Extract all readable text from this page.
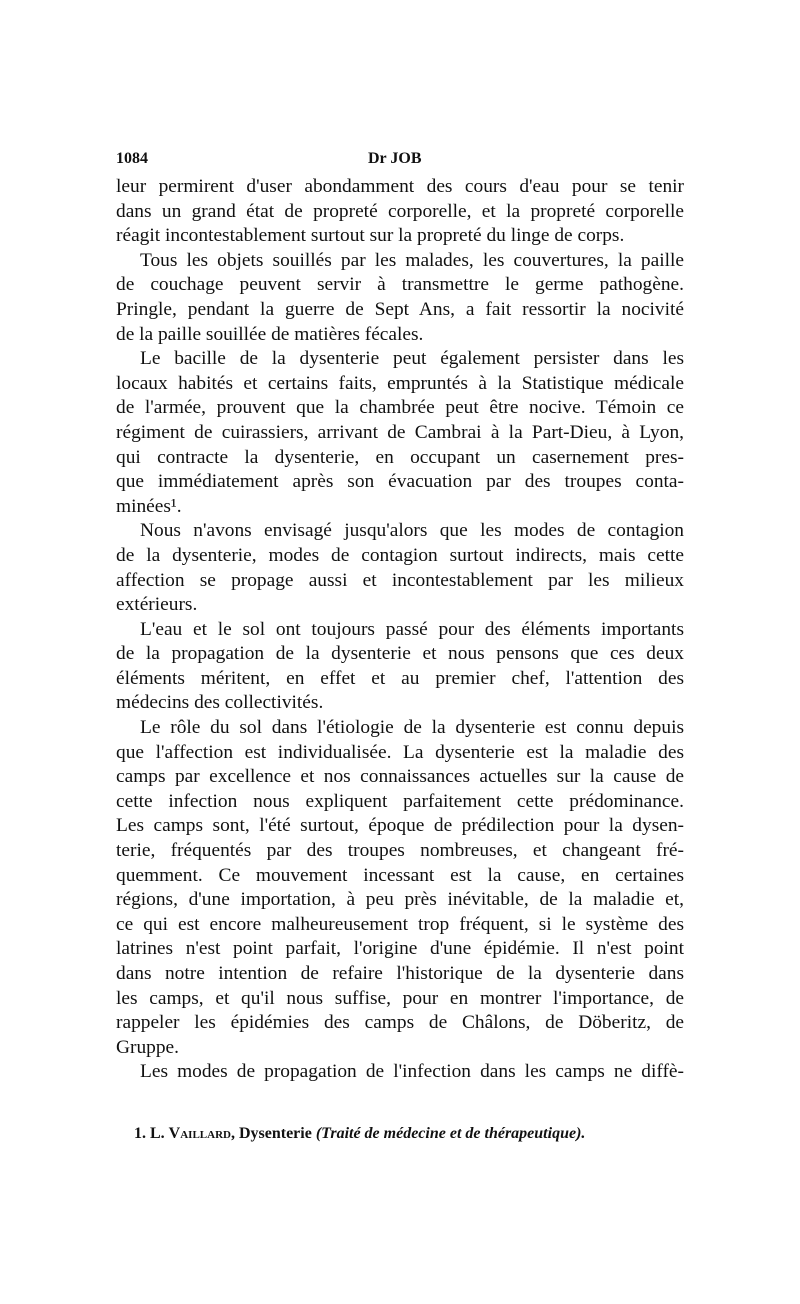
1084	Dr JOB
leur permirent d'user abondamment des cours d'eau pour se tenir
dans un grand état de propreté corporelle, et la propreté corporelle
réagit incontestablement surtout sur la propreté du linge de corps.
Tous les objets souillés par les malades, les couvertures, la paille
de couchage peuvent servir à transmettre le germe pathogène.
Pringle, pendant la guerre de Sept Ans, a fait ressortir la nocivité
de la paille souillée de matières fécales.
Le bacille de la dysenterie peut également persister dans les
locaux habités et certains faits, empruntés à la Statistique médicale
de l'armée, prouvent que la chambrée peut être nocive. Témoin ce
régiment de cuirassiers, arrivant de Cambrai à la Part-Dieu, à Lyon,
qui contracte la dysenterie, en occupant un casernement pres-
que immédiatement après son évacuation par des troupes conta-
minées¹.
Nous n'avons envisagé jusqu'alors que les modes de contagion
de la dysenterie, modes de contagion surtout indirects, mais cette
affection se propage aussi et incontestablement par les milieux
extérieurs.
L'eau et le sol ont toujours passé pour des éléments importants
de la propagation de la dysenterie et nous pensons que ces deux
éléments méritent, en effet et au premier chef, l'attention des
médecins des collectivités.
Le rôle du sol dans l'étiologie de la dysenterie est connu depuis
que l'affection est individualisée. La dysenterie est la maladie des
camps par excellence et nos connaissances actuelles sur la cause de
cette infection nous expliquent parfaitement cette prédominance.
Les camps sont, l'été surtout, époque de prédilection pour la dysen-
terie, fréquentés par des troupes nombreuses, et changeant fré-
quemment. Ce mouvement incessant est la cause, en certaines
régions, d'une importation, à peu près inévitable, de la maladie et,
ce qui est encore malheureusement trop fréquent, si le système des
latrines n'est point parfait, l'origine d'une épidémie. Il n'est point
dans notre intention de refaire l'historique de la dysenterie dans
les camps, et qu'il nous suffise, pour en montrer l'importance, de
rappeler les épidémies des camps de Châlons, de Döberitz, de
Gruppe.
Les modes de propagation de l'infection dans les camps ne diffè-
1. L. Vaillard, Dysenterie (Traité de médecine et de thérapeutique).
